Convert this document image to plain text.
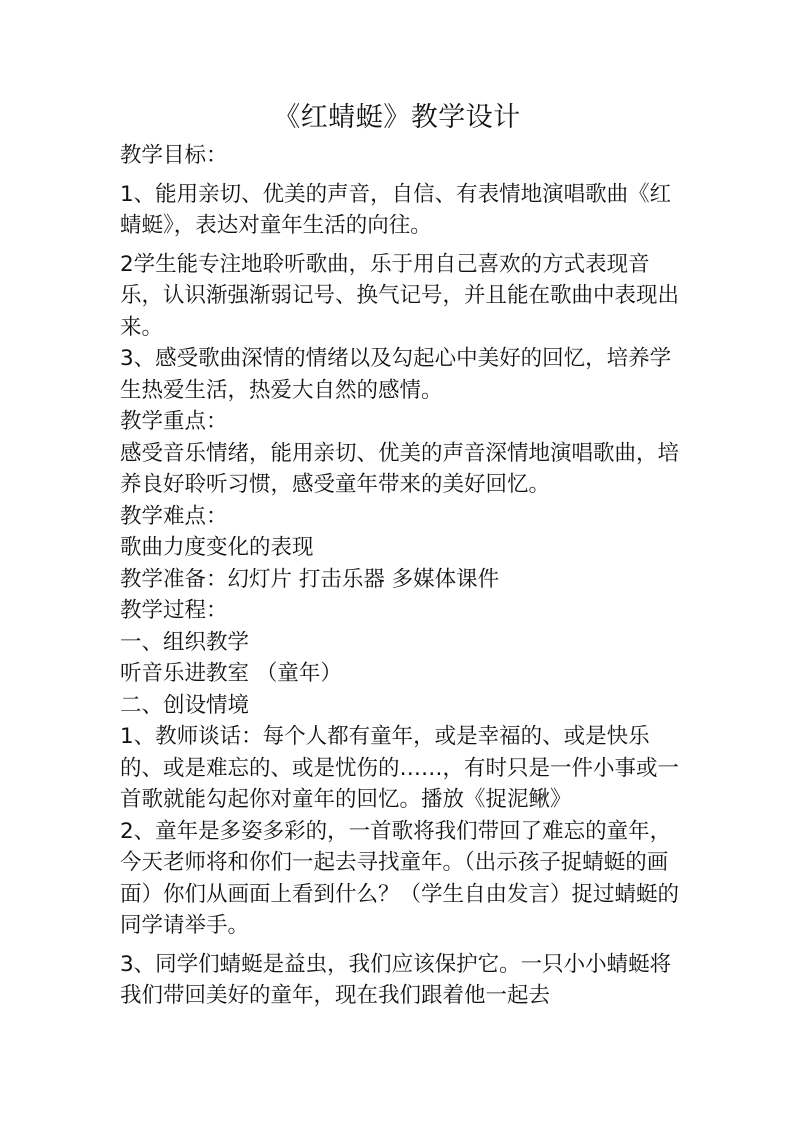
《红蜻蜓》教学设计

教学目标：

1、能用亲切、优美的声音，自信、有表情地演唱歌曲《红蜻蜓》，表达对童年生活的向往。

2学生能专注地聆听歌曲，乐于用自己喜欢的方式表现音乐，认识渐强渐弱记号、换气记号，并且能在歌曲中表现出来。

3、感受歌曲深情的情绪以及勾起心中美好的回忆，培养学生热爱生活，热爱大自然的感情。

教学重点：

感受音乐情绪，能用亲切、优美的声音深情地演唱歌曲，培养良好聆听习惯，感受童年带来的美好回忆。

教学难点：

歌曲力度变化的表现

教学准备：幻灯片 打击乐器 多媒体课件

教学过程：

一、组织教学

听音乐进教室 （童年）

二、创设情境

1、教师谈话：每个人都有童年，或是幸福的、或是快乐的、或是难忘的、或是忧伤的……，有时只是一件小事或一首歌就能勾起你对童年的回忆。播放《捉泥鳅》

2、童年是多姿多彩的，一首歌将我们带回了难忘的童年，今天老师将和你们一起去寻找童年。（出示孩子捉蜻蜓的画面）你们从画面上看到什么？（学生自由发言）捉过蜻蜓的同学请举手。

3、同学们蜻蜓是益虫，我们应该保护它。一只小小蜻蜓将我们带回美好的童年，现在我们跟着他一起去
